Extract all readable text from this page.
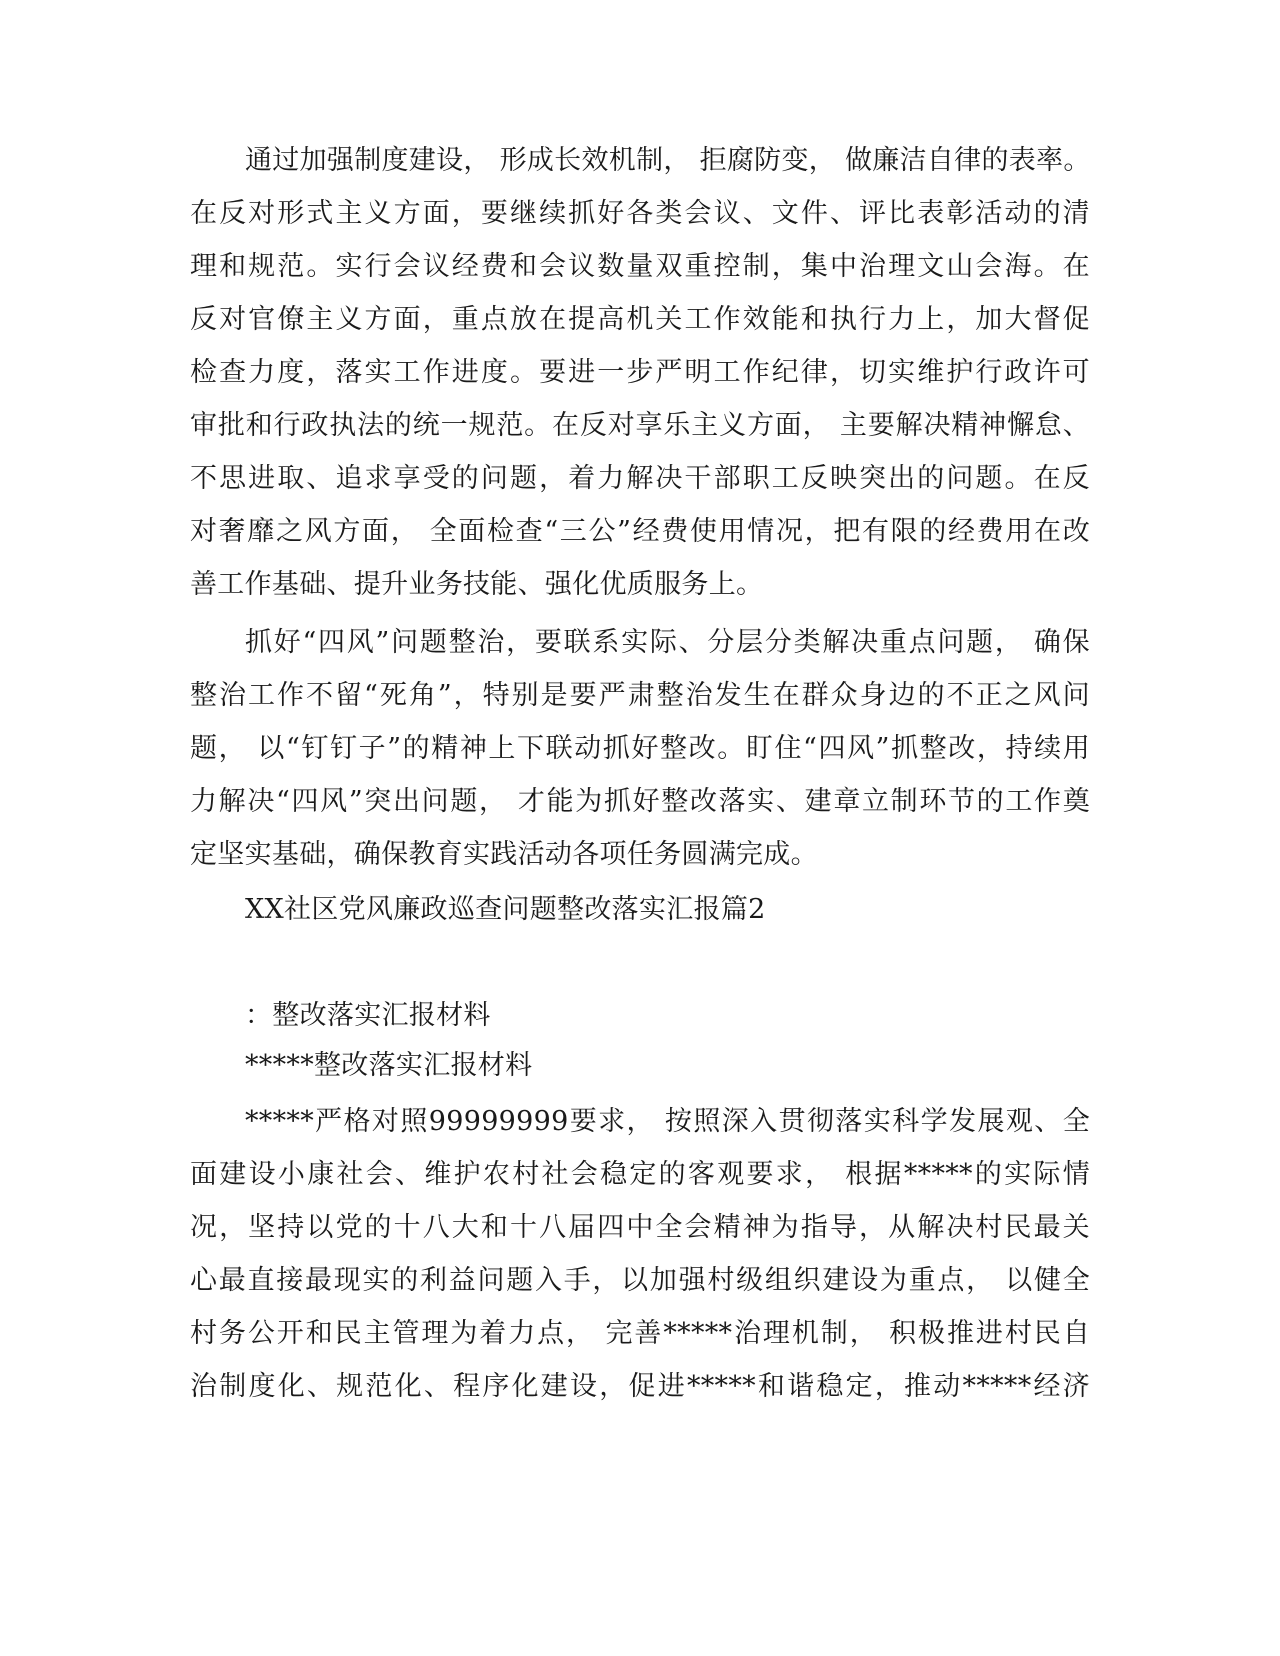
通过加强制度建设， 形成长效机制， 拒腐防变， 做廉洁自律的表率。
在反对形式主义方面，要继续抓好各类会议、文件、评比表彰活动的清
理和规范。实行会议经费和会议数量双重控制，集中治理文山会海。在
反对官僚主义方面，重点放在提高机关工作效能和执行力上，加大督促
检查力度，落实工作进度。要进一步严明工作纪律，切实维护行政许可
审批和行政执法的统一规范。在反对享乐主义方面， 主要解决精神懈怠、
不思进取、追求享受的问题，着力解决干部职工反映突出的问题。在反
对奢靡之风方面， 全面检查“三公”经费使用情况，把有限的经费用在改
善工作基础、提升业务技能、强化优质服务上。
抓好“四风”问题整治，要联系实际、分层分类解决重点问题， 确保
整治工作不留“死角”，特别是要严肃整治发生在群众身边的不正之风问
题， 以“钉钉子”的精神上下联动抓好整改。盯住“四风”抓整改，持续用
力解决“四风”突出问题， 才能为抓好整改落实、建章立制环节的工作奠
定坚实基础，确保教育实践活动各项任务圆满完成。
XX社区党风廉政巡查问题整改落实汇报篇2
：整改落实汇报材料
*****整改落实汇报材料
*****严格对照99999999要求， 按照深入贯彻落实科学发展观、全
面建设小康社会、维护农村社会稳定的客观要求， 根据*****的实际情
况，坚持以党的十八大和十八届四中全会精神为指导，从解决村民最关
心最直接最现实的利益问题入手，以加强村级组织建设为重点， 以健全
村务公开和民主管理为着力点， 完善*****治理机制， 积极推进村民自
治制度化、规范化、程序化建设，促进*****和谐稳定，推动*****经济
